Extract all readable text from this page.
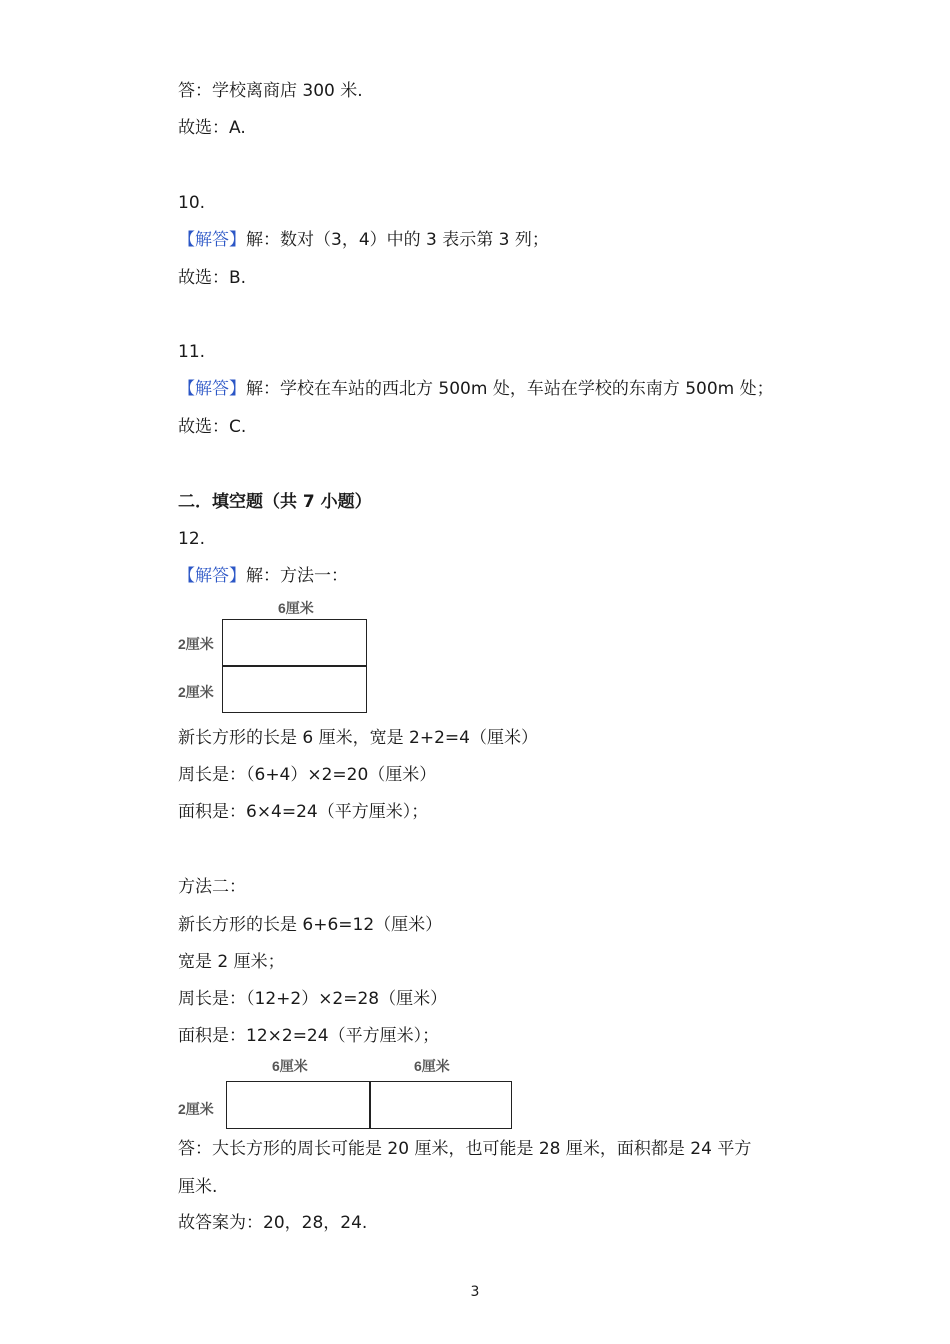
答：学校离商店 300 米.
故选：A.
10.
【解答】解：数对（3，4）中的 3 表示第 3 列；
故选：B.
11.
【解答】解：学校在车站的西北方 500m 处，车站在学校的东南方 500m 处；
故选：C.
二．填空题（共 7 小题）
12.
【解答】解：方法一：
6厘米
2厘米
2厘米
新长方形的长是 6 厘米，宽是 2+2=4（厘米）
周长是：（6+4）×2=20（厘米）
面积是：6×4=24（平方厘米）；
方法二：
新长方形的长是 6+6=12（厘米）
宽是 2 厘米；
周长是：（12+2）×2=28（厘米）
面积是：12×2=24（平方厘米）；
6厘米	6厘米
2厘米
答：大长方形的周长可能是 20 厘米，也可能是 28 厘米，面积都是 24 平方
厘米.
故答案为：20，28，24.
3
